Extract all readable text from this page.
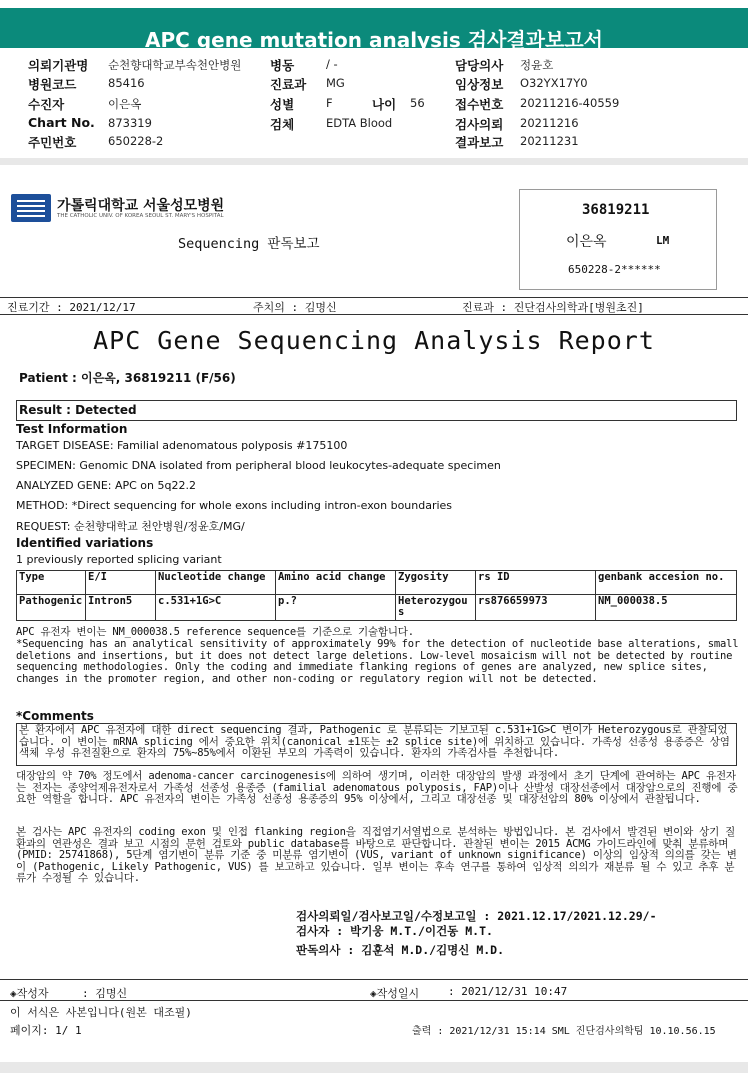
APC gene mutation analysis 검사결과보고서
의뢰기관명 순천향대학교부속천안병원
병원코드	85416
수진자	이은옥
Chart No. 873319
주민번호	650228-2
병동	/ -
진료과 MG
성별	F	나이 56
검체	EDTA Blood
담당의사 정윤호
임상정보 O32YX17Y0
접수번호 20211216-40559
검사의뢰 20211216
결과보고 20211231
가톨릭대학교 서울성모병원
THE CATHOLIC UNIV. OF KOREA SEOUL ST. MARY'S HOSPITAL
Sequencing 판독보고
36819211
이은옥	LM
650228-2******
진료기간 : 2021/12/17	주치의 : 김명신	진료과 : 진단검사의학과[병원초진]
APC Gene Sequencing Analysis Report
Patient : 이은옥, 36819211 (F/56)
Result : Detected
Test Information
TARGET DISEASE: Familial adenomatous polyposis #175100
SPECIMEN: Genomic DNA isolated from peripheral blood leukocytes-adequate specimen
ANALYZED GENE: APC on 5q22.2
METHOD: *Direct sequencing for whole exons including intron-exon boundaries
REQUEST: 순천향대학교 천안병원/정윤호/MG/
Identified variations
1 previously reported splicing variant
Type	E/I	Nucleotide change	Amino acid change	Zygosity	rs ID	genbank accesion no.
Pathogenic	Intron5	c.531+1G>C	p.?	Heterozygous	rs876659973	NM_000038.5
APC 유전자 변이는 NM_000038.5 reference sequence를 기준으로 기술함니다.
*Sequencing has an analytical sensitivity of approximately 99% for the detection of nucleotide base alterations, small deletions and insertions, but it does not detect large deletions. Low-level mosaicism will not be detected by routine sequencing methodologies. Only the coding and immediate flanking regions of genes are analyzed, new splice sites, changes in the promoter region, and other non-coding or regulatory region will not be detected.
*Comments
본 환자에서 APC 유전자에 대한 direct sequencing 결과, Pathogenic 로 분류되는 기보고된 c.531+1G>C 변이가 Heterozygous로 관찰되었습니다. 이 변이는 mRNA splicing 에서 중요한 위치(canonical ±1또는 ±2 splice site)에 위치하고 있습니다. 가족성 선종성 용종증은 상염색체 우성 유전질환으로 환자의 75%~85%에서 이환된 부모의 가족력이 있습니다. 환자의 가족검사를 추천합니다.
대장암의 약 70% 정도에서 adenoma-cancer carcinogenesis에 의하여 생기며, 이러한 대장암의 발생 과정에서 초기 단계에 관여하는 APC 유전자는 전자는 종양억제유전자로서 가족성 선종성 용종증 (familial adenomatous polyposis, FAP)이나 산발성 대장선종에서 대장암으로의 진행에 중요한 역할을 합니다. APC 유전자의 변이는 가족성 선종성 용종증의 95% 이상에서, 그리고 대장선종 및 대장선암의 80% 이상에서 관찰됩니다.
본 검사는 APC 유전자의 coding exon 및 인접 flanking region을 직접염기서열법으로 분석하는 방법입니다. 본 검사에서 발견된 변이와 상기 질환과의 연관성은 결과 보고 시점의 문헌 검토와 public database를 바탕으로 판단합니다. 관찰된 변이는 2015 ACMG 가이드라인에 맞춰 분류하며 (PMID: 25741868), 5단계 염기변이 분류 기준 중 미분류 염기변이 (VUS, variant of unknown significance) 이상의 임상적 의의를 갖는 변이 (Pathogenic, Likely Pathogenic, VUS) 를 보고하고 있습니다. 일부 변이는 후속 연구를 통하여 임상적 의의가 재분류 될 수 있고 추후 분류가 수정될 수 있습니다.
검사의뢰일/검사보고일/수정보고일 : 2021.12.17/2021.12.29/-
검사자 : 박기웅 M.T./이건동 M.T.
판독의사 : 김훈석 M.D./김명신 M.D.
◈작성자	: 김명신	◈작성일시	: 2021/12/31 10:47
이 서식은 사본입니다(원본 대조필)
페이지: 1/ 1	출력 : 2021/12/31 15:14 SML 진단검사의학팀 10.10.56.15
